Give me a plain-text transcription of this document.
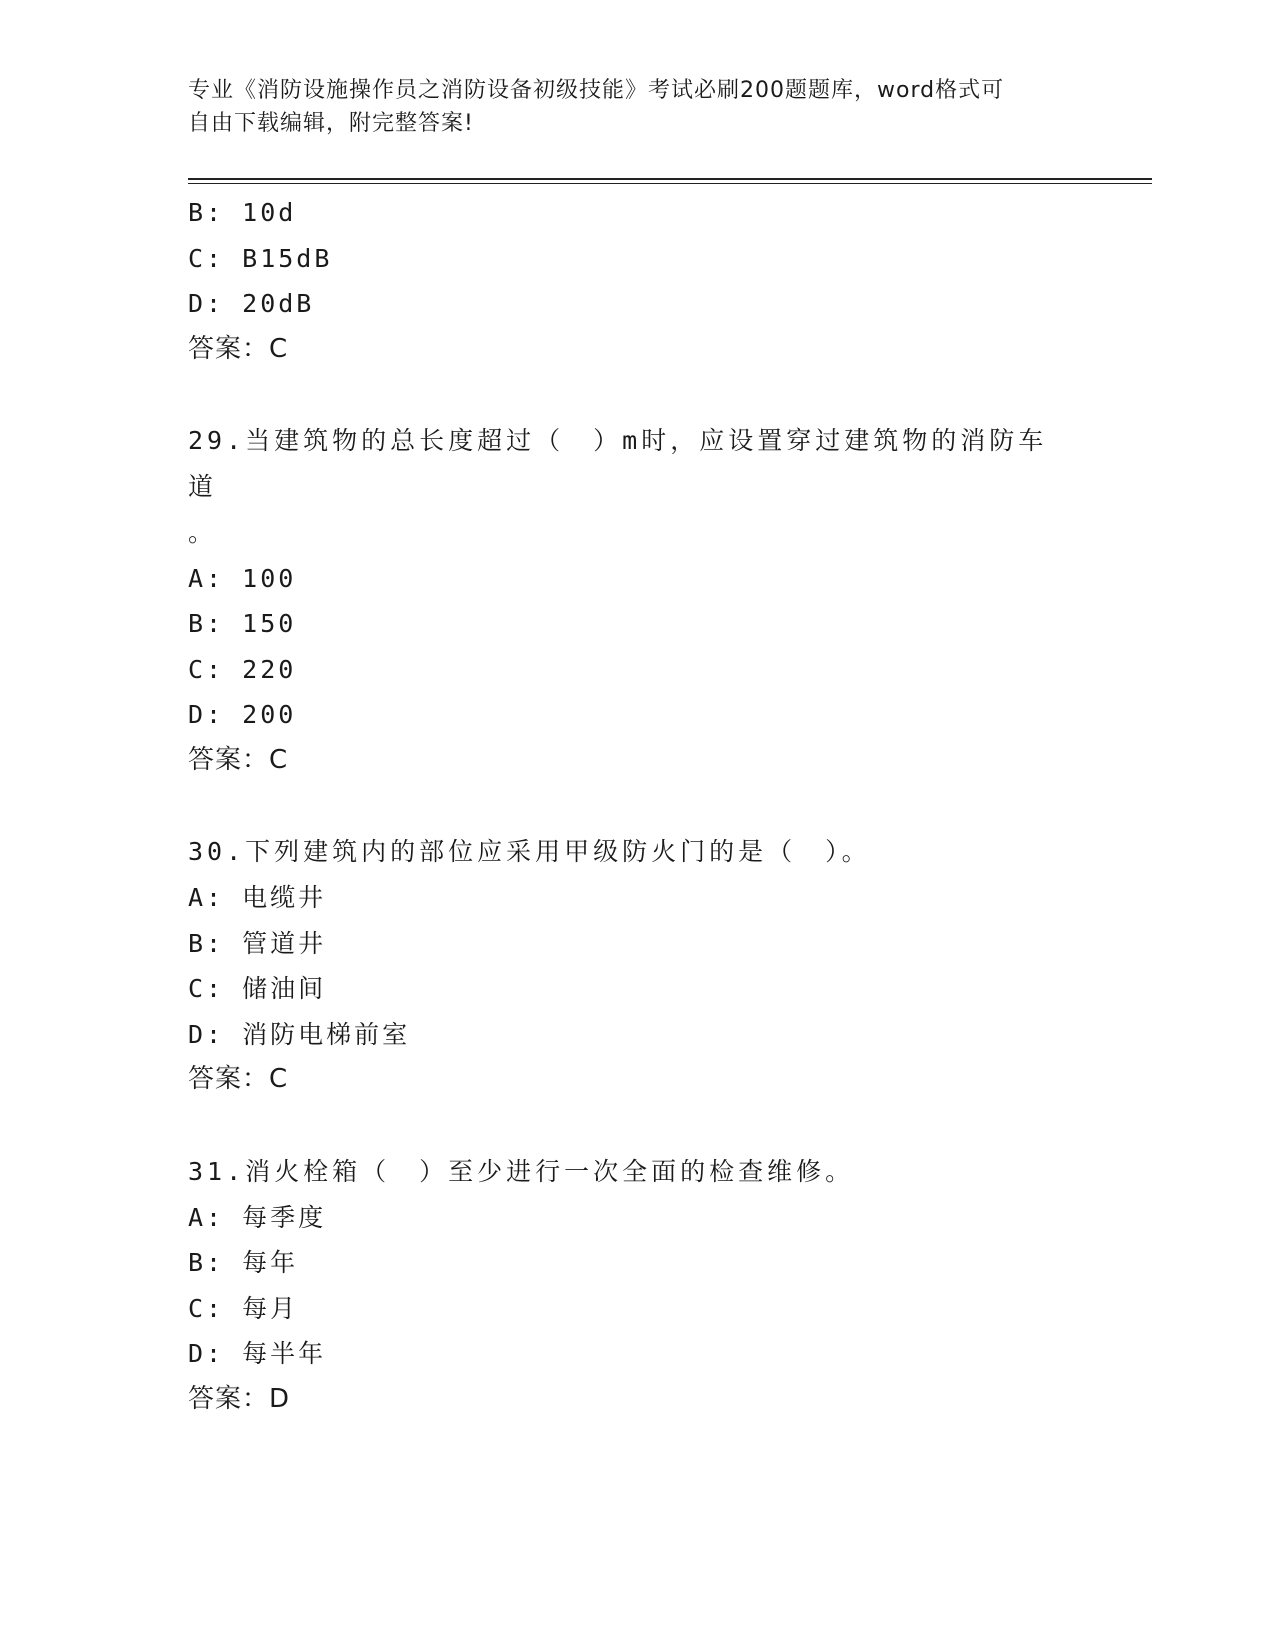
专业《消防设施操作员之消防设备初级技能》考试必刷200题题库，word格式可
自由下载编辑，附完整答案!
B: 10d
C: B15dB
D: 20dB
答案：C
29.当建筑物的总长度超过（　）m时，应设置穿过建筑物的消防车道
。
A: 100
B: 150
C: 220
D: 200
答案：C
30.下列建筑内的部位应采用甲级防火门的是（　）。
A: 电缆井
B: 管道井
C: 储油间
D: 消防电梯前室
答案：C
31.消火栓箱（　）至少进行一次全面的检查维修。
A: 每季度
B: 每年
C: 每月
D: 每半年
答案：D
